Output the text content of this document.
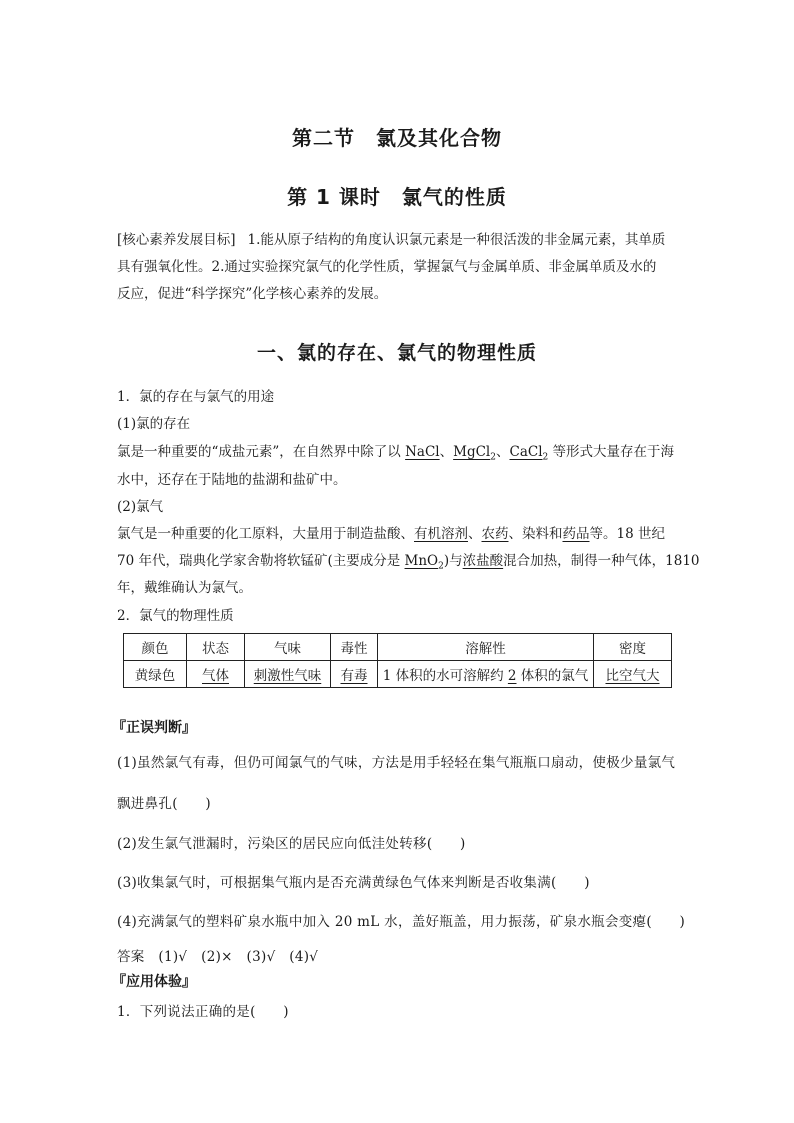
第二节　氯及其化合物
第 1 课时　氯气的性质
[核心素养发展目标] 1.能从原子结构的角度认识氯元素是一种很活泼的非金属元素，其单质
具有强氧化性。2.通过实验探究氯气的化学性质，掌握氯气与金属单质、非金属单质及水的
反应，促进“科学探究”化学核心素养的发展。
一、氯的存在、氯气的物理性质
1．氯的存在与氯气的用途
(1)氯的存在
氯是一种重要的“成盐元素”，在自然界中除了以 NaCl、MgCl$_2$、CaCl$_2$ 等形式大量存在于海
水中，还存在于陆地的盐湖和盐矿中。
(2)氯气
氯气是一种重要的化工原料，大量用于制造盐酸、有机溶剂、农药、染料和药品等。18 世纪
70 年代，瑞典化学家舍勒将软锰矿(主要成分是 MnO$_2$)与浓盐酸混合加热，制得一种气体，1810
年，戴维确认为氯气。
2．氯气的物理性质
颜色	状态	气味	毒性	溶解性	密度
黄绿色	气体	刺激性气味	有毒	1 体积的水可溶解约 2 体积的氯气	比空气大
『正误判断』
(1)虽然氯气有毒，但仍可闻氯气的气味，方法是用手轻轻在集气瓶瓶口扇动，使极少量氯气
飘进鼻孔(　　)
(2)发生氯气泄漏时，污染区的居民应向低洼处转移(　　)
(3)收集氯气时，可根据集气瓶内是否充满黄绿色气体来判断是否收集满(　　)
(4)充满氯气的塑料矿泉水瓶中加入 20 mL 水，盖好瓶盖，用力振荡，矿泉水瓶会变瘪(　　)
答案　(1)√　(2)×　(3)√　(4)√
『应用体验』
1．下列说法正确的是(　　)
